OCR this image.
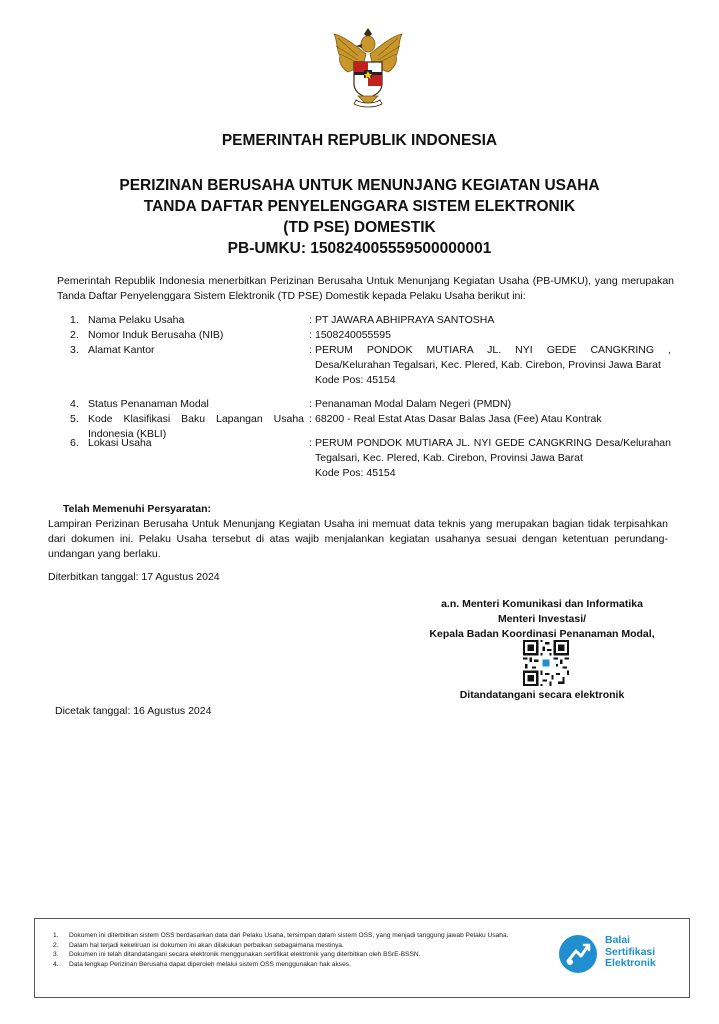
PEMERINTAH REPUBLIK INDONESIA
PERIZINAN BERUSAHA UNTUK MENUNJANG KEGIATAN USAHA
TANDA DAFTAR PENYELENGGARA SISTEM ELEKTRONIK
(TD PSE) DOMESTIK
PB-UMKU: 150824005559500000001
Pemerintah Republik Indonesia menerbitkan Perizinan Berusaha Untuk Menunjang Kegiatan Usaha (PB-UMKU), yang merupakan Tanda Daftar Penyelenggara Sistem Elektronik (TD PSE) Domestik kepada Pelaku Usaha berikut ini:
1. Nama Pelaku Usaha	: PT JAWARA ABHIPRAYA SANTOSHA
2. Nomor Induk Berusaha (NIB)	: 1508240055595
3. Alamat Kantor	: PERUM PONDOK MUTIARA JL. NYI GEDE CANGKRING , Desa/Kelurahan Tegalsari, Kec. Plered, Kab. Cirebon, Provinsi Jawa Barat
Kode Pos: 45154
4. Status Penanaman Modal	: Penanaman Modal Dalam Negeri (PMDN)
5. Kode Klasifikasi Baku Lapangan Usaha Indonesia (KBLI)
: 68200 - Real Estat Atas Dasar Balas Jasa (Fee) Atau Kontrak
6. Lokasi Usaha	: PERUM PONDOK MUTIARA JL. NYI GEDE CANGKRING Desa/Kelurahan Tegalsari, Kec. Plered, Kab. Cirebon, Provinsi Jawa Barat
Kode Pos: 45154
Telah Memenuhi Persyaratan:
Lampiran Perizinan Berusaha Untuk Menunjang Kegiatan Usaha ini memuat data teknis yang merupakan bagian tidak terpisahkan dari dokumen ini. Pelaku Usaha tersebut di atas wajib menjalankan kegiatan usahanya sesuai dengan ketentuan perundang-undangan yang berlaku.
Diterbitkan tanggal: 17 Agustus 2024
a.n. Menteri Komunikasi dan Informatika
Menteri Investasi/
Kepala Badan Koordinasi Penanaman Modal,
Ditandatangani secara elektronik
Dicetak tanggal: 16 Agustus 2024
1. Dokumen ini diterbitkan sistem OSS berdasarkan data dari Pelaku Usaha, tersimpan dalam sistem OSS, yang menjadi tanggung jawab Pelaku Usaha.
2. Dalam hal terjadi kekeliruan isi dokumen ini akan dilakukan perbaikan sebagaimana mestinya.
3. Dokumen ini telah ditandatangani secara elektronik menggunakan sertifikat elektronik yang diterbitkan oleh BSrE-BSSN.
4. Data lengkap Perizinan Berusaha dapat diperoleh melalui sistem OSS menggunakan hak akses.
Balai
Sertifikasi
Elektronik
